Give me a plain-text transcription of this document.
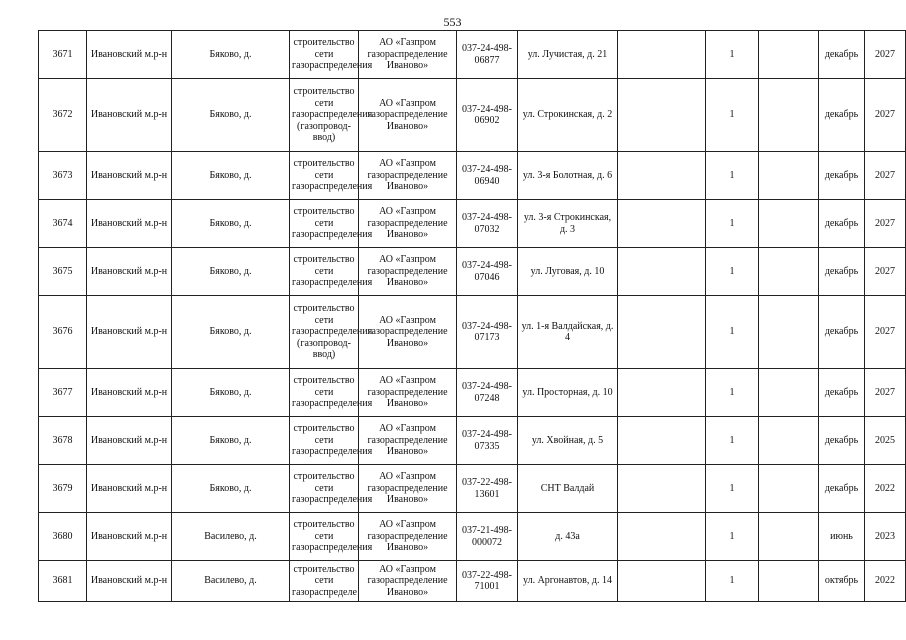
553
3671	Ивановский м.р-н	Бяково, д.	строительство сети газораспределения	АО «Газпром газораспределение Иваново»	037-24-498-06877	ул. Лучистая, д. 21		1		декабрь	2027
3672	Ивановский м.р-н	Бяково, д.	строительство сети газораспределения (газопровод-ввод)	АО «Газпром газораспределение Иваново»	037-24-498-06902	ул. Строкинская, д. 2		1		декабрь	2027
3673	Ивановский м.р-н	Бяково, д.	строительство сети газораспределения	АО «Газпром газораспределение Иваново»	037-24-498-06940	ул. 3-я Болотная, д. 6		1		декабрь	2027
3674	Ивановский м.р-н	Бяково, д.	строительство сети газораспределения	АО «Газпром газораспределение Иваново»	037-24-498-07032	ул. 3-я Строкинская, д. 3		1		декабрь	2027
3675	Ивановский м.р-н	Бяково, д.	строительство сети газораспределения	АО «Газпром газораспределение Иваново»	037-24-498-07046	ул. Луговая, д. 10		1		декабрь	2027
3676	Ивановский м.р-н	Бяково, д.	строительство сети газораспределения (газопровод-ввод)	АО «Газпром газораспределение Иваново»	037-24-498-07173	ул. 1-я Валдайская, д. 4		1		декабрь	2027
3677	Ивановский м.р-н	Бяково, д.	строительство сети газораспределения	АО «Газпром газораспределение Иваново»	037-24-498-07248	ул. Просторная, д. 10		1		декабрь	2027
3678	Ивановский м.р-н	Бяково, д.	строительство сети газораспределения	АО «Газпром газораспределение Иваново»	037-24-498-07335	ул. Хвойная, д. 5		1		декабрь	2025
3679	Ивановский м.р-н	Бяково, д.	строительство сети газораспределения	АО «Газпром газораспределение Иваново»	037-22-498-13601	СНТ Валдай		1		декабрь	2022
3680	Ивановский м.р-н	Василево, д.	строительство сети газораспределения	АО «Газпром газораспределение Иваново»	037-21-498-000072	д. 43а		1		июнь	2023
3681	Ивановский м.р-н	Василево, д.	строительство сети газораспределе	АО «Газпром газораспределение Иваново»	037-22-498-71001	ул. Аргонавтов, д. 14		1		октябрь	2022
